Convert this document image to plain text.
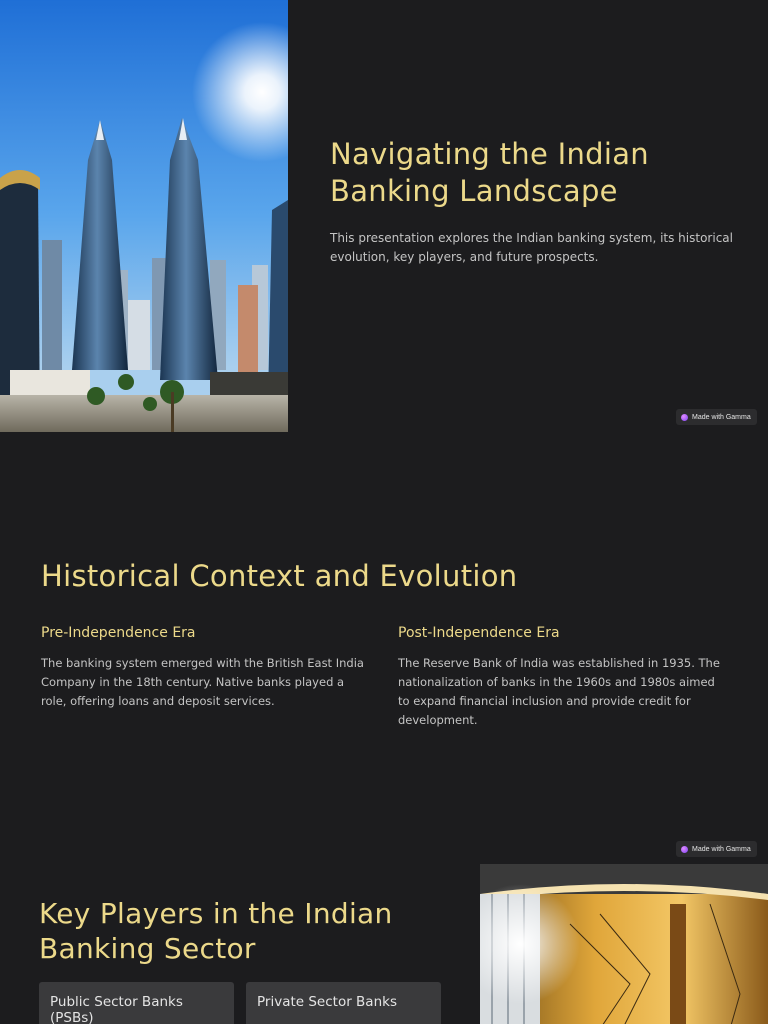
Navigating the Indian Banking Landscape

This presentation explores the Indian banking system, its historical evolution, key players, and future prospects.

Made with Gamma
Historical Context and Evolution
Pre-Independence Era

The banking system emerged with the British East India Company in the 18th century. Native banks played a role, offering loans and deposit services.

Post-Independence Era

The Reserve Bank of India was established in 1935. The nationalization of banks in the 1960s and 1980s aimed to expand financial inclusion and provide credit for development.

Made with Gamma
Key Players in the Indian Banking Sector
Public Sector Banks (PSBs)
Private Sector Banks
